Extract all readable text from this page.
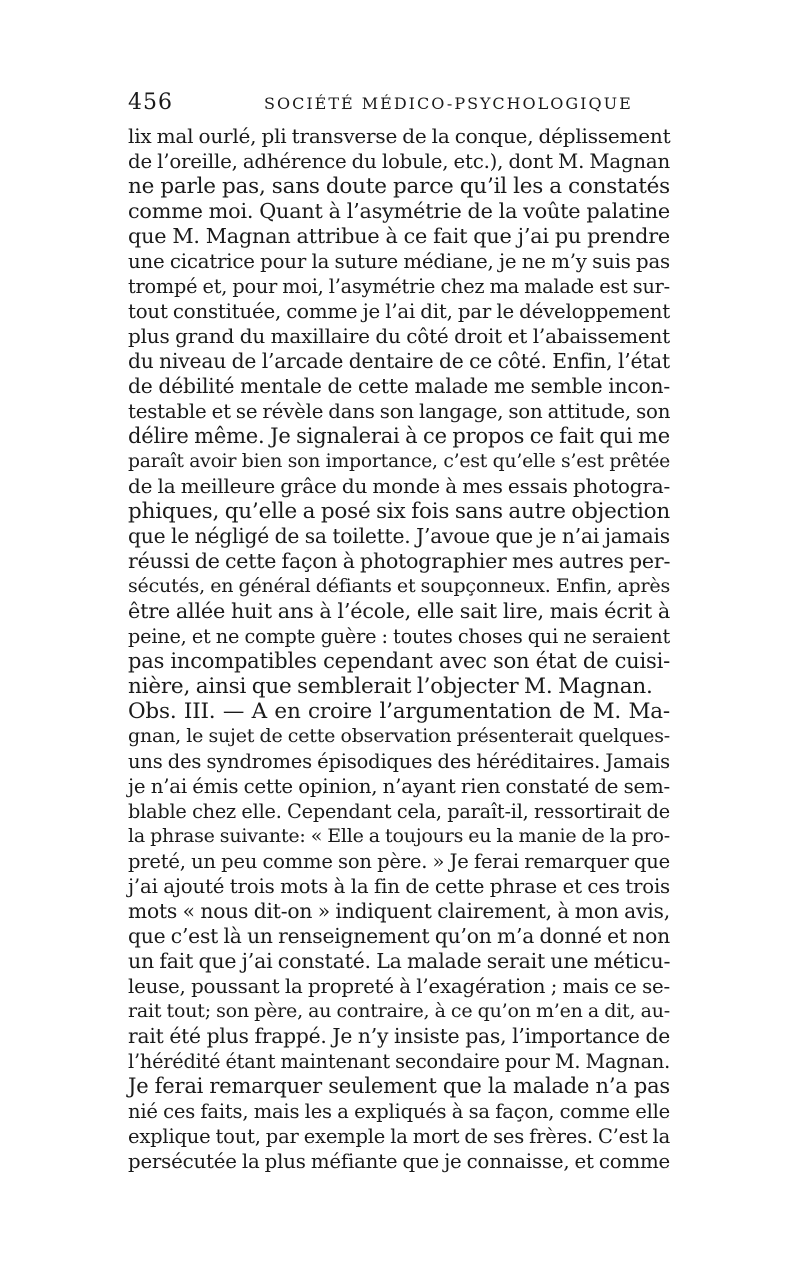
456	SOCIÉTÉ MÉDICO-PSYCHOLOGIQUE
lix mal ourlé, pli transverse de la conque, déplissement
de l’oreille, adhérence du lobule, etc.), dont M. Magnan
ne parle pas, sans doute parce qu’il les a constatés
comme moi. Quant à l’asymétrie de la voûte palatine
que M. Magnan attribue à ce fait que j’ai pu prendre
une cicatrice pour la suture médiane, je ne m’y suis pas
trompé et, pour moi, l’asymétrie chez ma malade est sur-
tout constituée, comme je l’ai dit, par le développement
plus grand du maxillaire du côté droit et l’abaissement
du niveau de l’arcade dentaire de ce côté. Enfin, l’état
de débilité mentale de cette malade me semble incon-
testable et se révèle dans son langage, son attitude, son
délire même. Je signalerai à ce propos ce fait qui me
paraît avoir bien son importance, c’est qu’elle s’est prêtée
de la meilleure grâce du monde à mes essais photogra-
phiques, qu’elle a posé six fois sans autre objection
que le négligé de sa toilette. J’avoue que je n’ai jamais
réussi de cette façon à photographier mes autres per-
sécutés, en général défiants et soupçonneux. Enfin, après
être allée huit ans à l’école, elle sait lire, mais écrit à
peine, et ne compte guère : toutes choses qui ne seraient
pas incompatibles cependant avec son état de cuisi-
nière, ainsi que semblerait l’objecter M. Magnan.
Obs. III. — A en croire l’argumentation de M. Ma-
gnan, le sujet de cette observation présenterait quelques-
uns des syndromes épisodiques des héréditaires. Jamais
je n’ai émis cette opinion, n’ayant rien constaté de sem-
blable chez elle. Cependant cela, paraît-il, ressortirait de
la phrase suivante: « Elle a toujours eu la manie de la pro-
preté, un peu comme son père. » Je ferai remarquer que
j’ai ajouté trois mots à la fin de cette phrase et ces trois
mots « nous dit-on » indiquent clairement, à mon avis,
que c’est là un renseignement qu’on m’a donné et non
un fait que j’ai constaté. La malade serait une méticu-
leuse, poussant la propreté à l’exagération ; mais ce se-
rait tout; son père, au contraire, à ce qu’on m’en a dit, au-
rait été plus frappé. Je n’y insiste pas, l’importance de
l’hérédité étant maintenant secondaire pour M. Magnan.
Je ferai remarquer seulement que la malade n’a pas
nié ces faits, mais les a expliqués à sa façon, comme elle
explique tout, par exemple la mort de ses frères. C’est la
persécutée la plus méfiante que je connaisse, et comme
